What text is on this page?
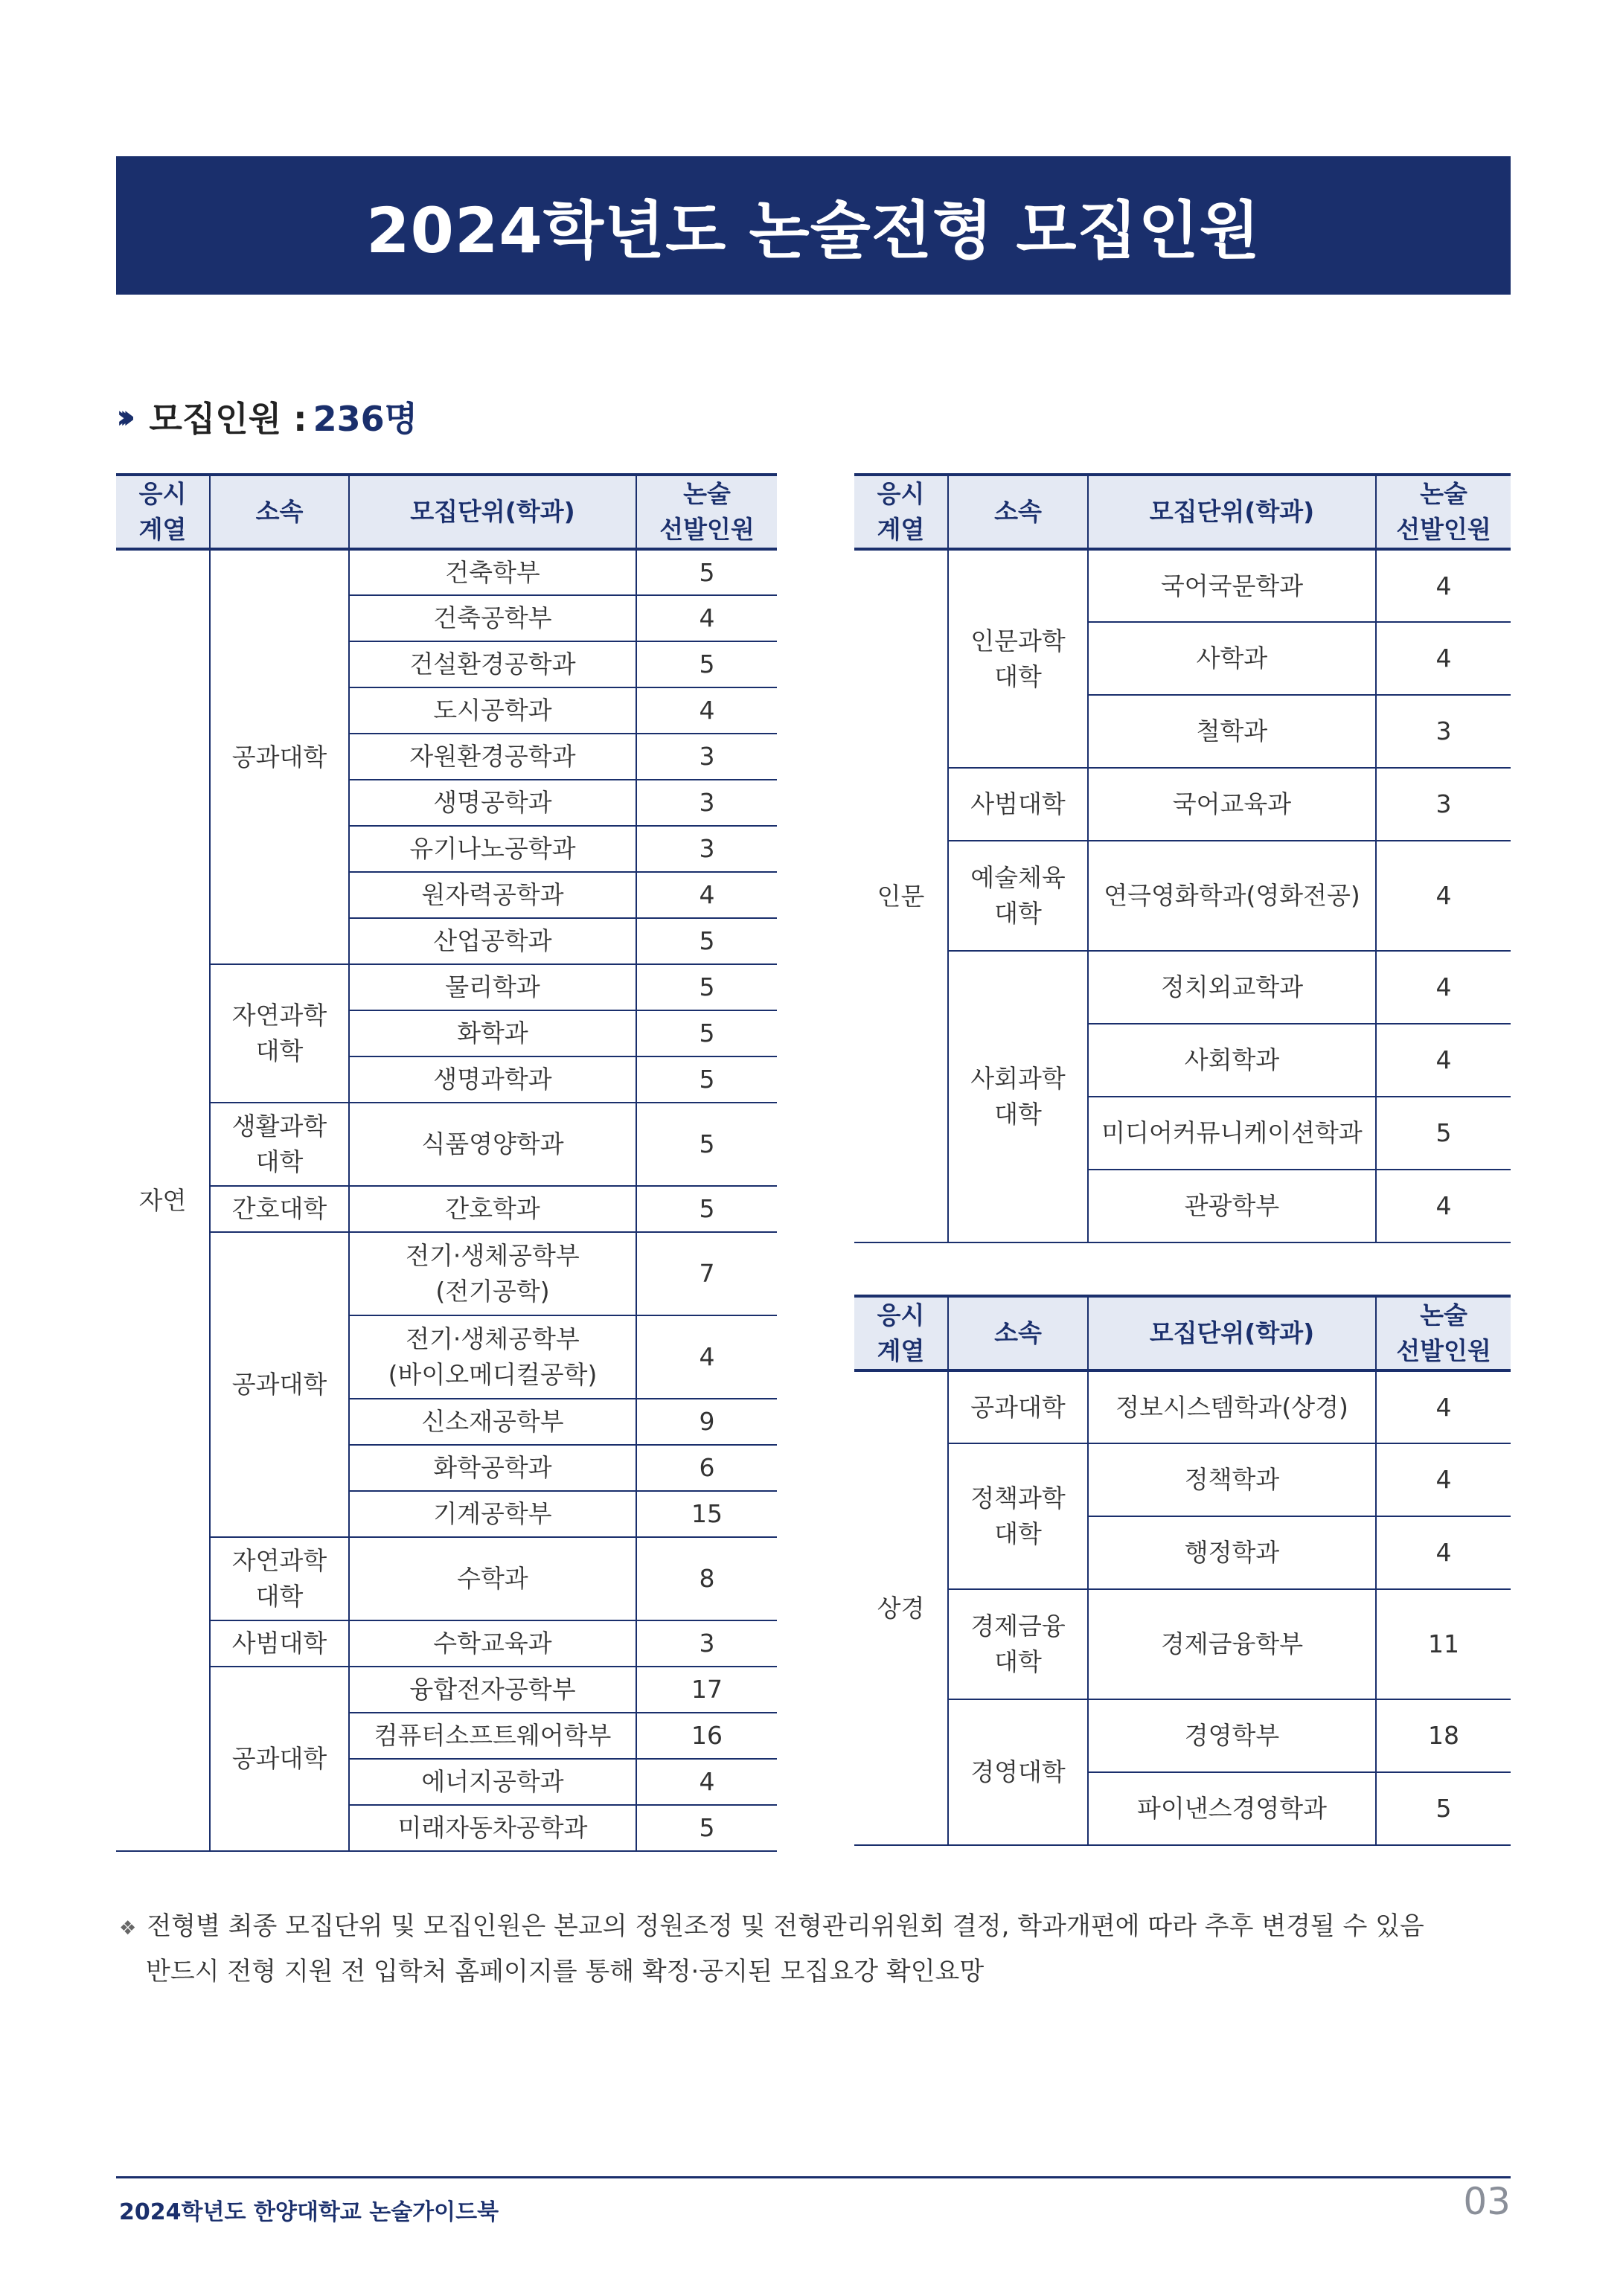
2024학년도 논술전형 모집인원
››› 모집인원 : 236명
응시
계열	소속	모집단위(학과)	논술
선발인원

자연	공과대학	건축학부	5
		건축공학부	4
		건설환경공학과	5
		도시공학과	4
		자원환경공학과	3
		생명공학과	3
		유기나노공학과	3
		원자력공학과	4
		산업공학과	5

	자연과학
대학	물리학과	5
		화학과	5
		생명과학과	5

	생활과학
대학	식품영양학과	5
	간호대학	간호학과	5
	공과대학	전기·생체공학부
(전기공학)	7

		전기·생체공학부
(바이오메디컬공학)	4
		신소재공학부	9
		화학공학과	6
		기계공학부	15

	자연과학
대학	수학과	8
	사범대학	수학교육과	3
	공과대학	융합전자공학부	17
		컴퓨터소프트웨어학부	16
		에너지공학과	4
		미래자동차공학과	5
응시
계열	소속	모집단위(학과)	논술
선발인원

인문	인문과학
대학	국어국문학과	4
		사학과	4
		철학과	3
	사범대학	국어교육과	3

	예술체육
대학	연극영화학과(영화전공)	4

	사회과학
대학	정치외교학과	4
		사회학과	4
		미디어커뮤니케이션학과	5
		관광학부	4
응시
계열	소속	모집단위(학과)	논술
선발인원

상경	공과대학	정보시스템학과(상경)	4

	정책과학
대학	정책학과	4
		행정학과	4

	경제금융
대학	경제금융학부	11
	경영대학	경영학부	18
		파이낸스경영학과	5
❖ 전형별 최종 모집단위 및 모집인원은 본교의 정원조정 및 전형관리위원회 결정, 학과개편에 따라 추후 변경될 수 있음
반드시 전형 지원 전 입학처 홈페이지를 통해 확정·공지된 모집요강 확인요망
2024학년도 한양대학교 논술가이드북	03
